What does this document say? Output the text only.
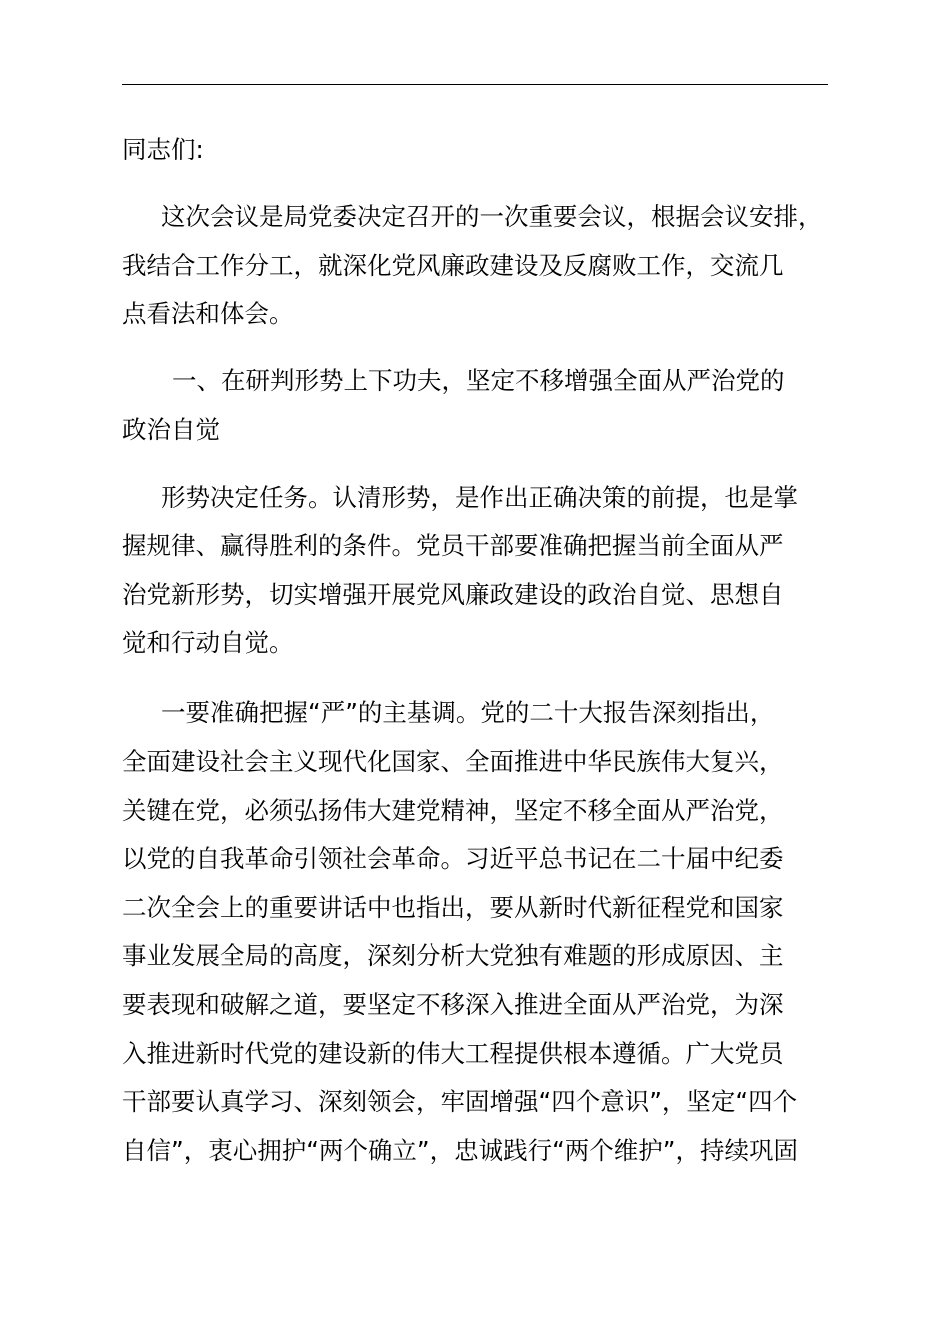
同志们:
这次会议是局党委决定召开的一次重要会议，根据会议安排，
我结合工作分工，就深化党风廉政建设及反腐败工作，交流几
点看法和体会。
一、在研判形势上下功夫，坚定不移增强全面从严治党的
政治自觉
形势决定任务。认清形势，是作出正确决策的前提，也是掌
握规律、赢得胜利的条件。党员干部要准确把握当前全面从严
治党新形势，切实增强开展党风廉政建设的政治自觉、思想自
觉和行动自觉。
一要准确把握“严”的主基调。党的二十大报告深刻指出，
全面建设社会主义现代化国家、全面推进中华民族伟大复兴，
关键在党，必须弘扬伟大建党精神，坚定不移全面从严治党，
以党的自我革命引领社会革命。习近平总书记在二十届中纪委
二次全会上的重要讲话中也指出，要从新时代新征程党和国家
事业发展全局的高度，深刻分析大党独有难题的形成原因、主
要表现和破解之道，要坚定不移深入推进全面从严治党，为深
入推进新时代党的建设新的伟大工程提供根本遵循。广大党员
干部要认真学习、深刻领会，牢固增强“四个意识”，坚定“四个
自信”，衷心拥护“两个确立”，忠诚践行“两个维护”，持续巩固
